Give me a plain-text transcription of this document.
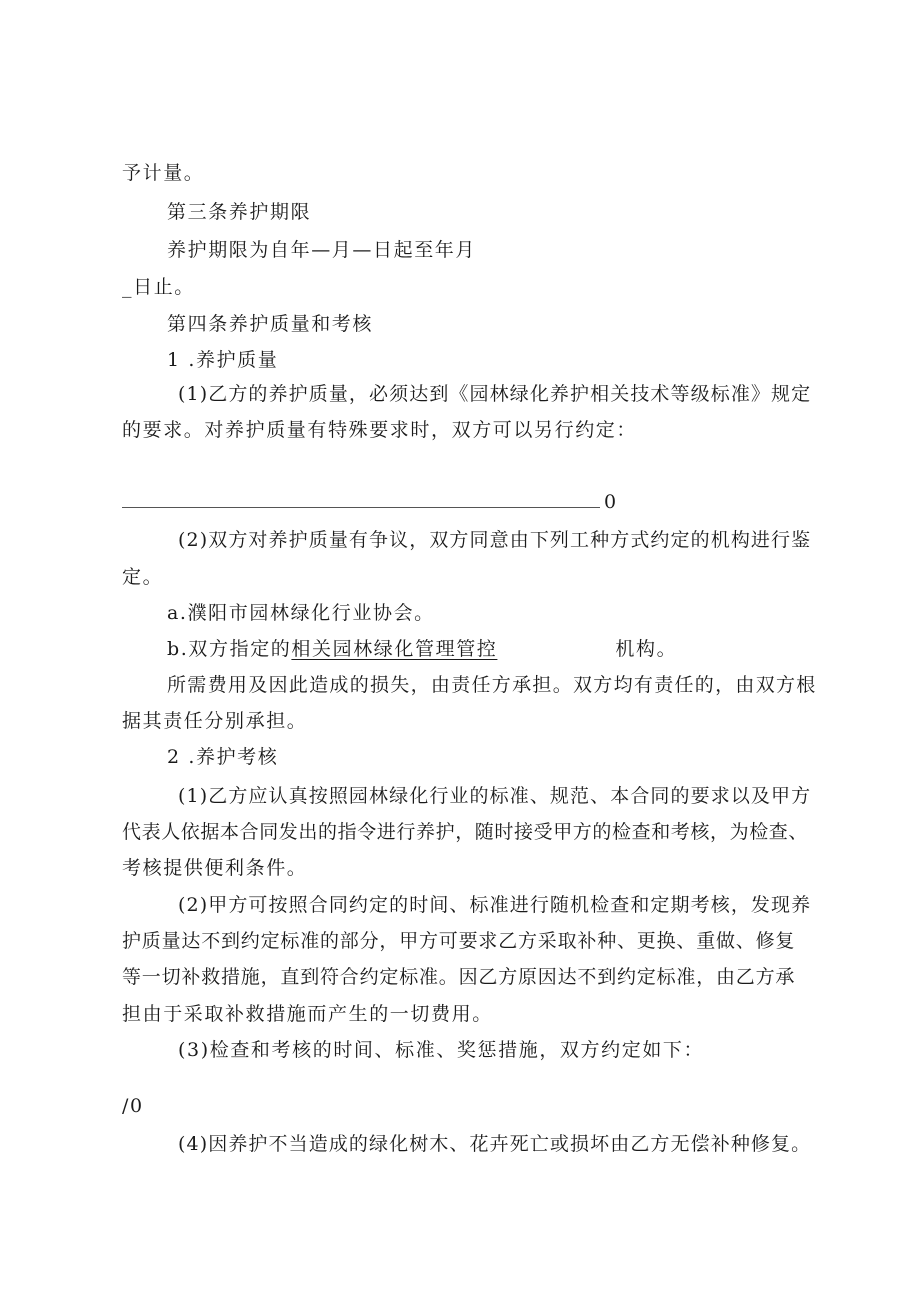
予计量。
第三条养护期限
养护期限为自年—月—日起至年月
_日止。
第四条养护质量和考核
1 .养护质量
(1)乙方的养护质量，必须达到《园林绿化养护相关技术等级标准》规定
的要求。对养护质量有特殊要求时，双方可以另行约定：
0
(2)双方对养护质量有争议，双方同意由下列工种方式约定的机构进行鉴
定。
a.濮阳市园林绿化行业协会。
b.双方指定的相关园林绿化管理管控	机构。
所需费用及因此造成的损失，由责任方承担。双方均有责任的，由双方根
据其责任分别承担。
2 .养护考核
(1)乙方应认真按照园林绿化行业的标准、规范、本合同的要求以及甲方
代表人依据本合同发出的指令进行养护，随时接受甲方的检查和考核，为检查、
考核提供便利条件。
(2)甲方可按照合同约定的时间、标准进行随机检查和定期考核，发现养
护质量达不到约定标准的部分，甲方可要求乙方采取补种、更换、重做、修复
等一切补救措施，直到符合约定标准。因乙方原因达不到约定标准，由乙方承
担由于采取补救措施而产生的一切费用。
(3)检查和考核的时间、标准、奖惩措施，双方约定如下：
/0
(4)因养护不当造成的绿化树木、花卉死亡或损坏由乙方无偿补种修复。
